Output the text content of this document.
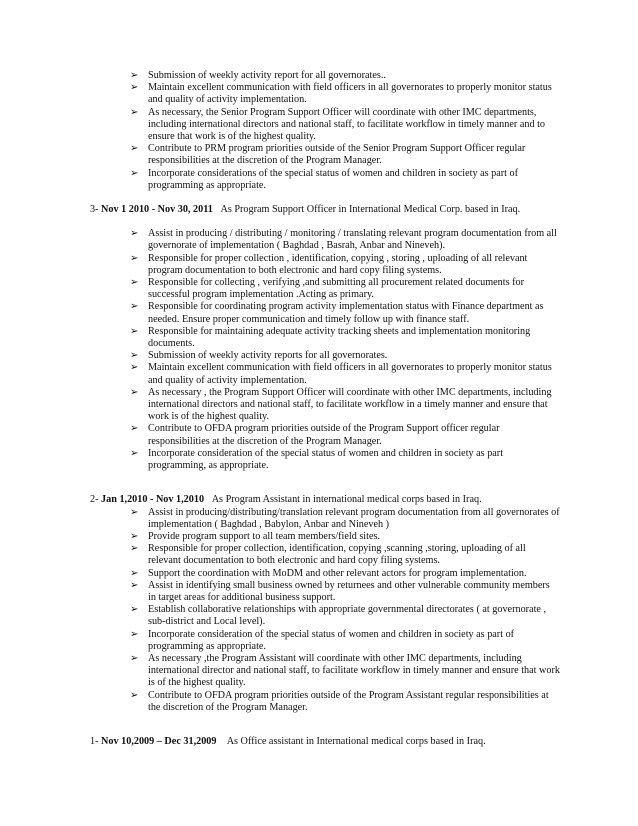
➢ Submission of weekly activity report for all governorates..
➢ Maintain excellent communication with field officers in all governorates to properly monitor status and quality of activity implementation.
➢ As necessary, the Senior Program Support Officer will coordinate with other IMC departments, including international directors and national staff, to facilitate workflow in timely manner and to ensure that work is of the highest quality.
➢ Contribute to PRM program priorities outside of the Senior Program Support Officer regular responsibilities at the discretion of the Program Manager.
➢ Incorporate considerations of the special status of women and children in society as part of programming as appropriate.

3- Nov 1 2010 - Nov 30, 2011 As Program Support Officer in International Medical Corp. based in Iraq.

➢ Assist in producing / distributing / monitoring / translating relevant program documentation from all governorate of implementation ( Baghdad , Basrah, Anbar and Nineveh).
➢ Responsible for proper collection , identification, copying , storing , uploading of all relevant program documentation to both electronic and hard copy filing systems.
➢ Responsible for collecting , verifying ,and submitting all procurement related documents for successful program implementation .Acting as primary.
➢ Responsible for coordinating program activity implementation status with Finance department as needed. Ensure proper communication and timely follow up with finance staff.
➢ Responsible for maintaining adequate activity tracking sheets and implementation monitoring documents.
➢ Submission of weekly activity reports for all governorates.
➢ Maintain excellent communication with field officers in all governorates to properly monitor status and quality of activity implementation.
➢ As necessary , the Program Support Officer will coordinate with other IMC departments, including international directors and national staff, to facilitate workflow in a timely manner and ensure that work is of the highest quality.
➢ Contribute to OFDA program priorities outside of the Program Support officer regular responsibilities at the discretion of the Program Manager.
➢ Incorporate consideration of the special status of women and children in society as part programming, as appropriate.

2- Jan 1,2010 - Nov 1,2010 As Program Assistant in international medical corps based in Iraq.

➢ Assist in producing/distributing/translation relevant program documentation from all governorates of implementation ( Baghdad , Babylon, Anbar and Nineveh )
➢ Provide program support to all team members/field sites.
➢ Responsible for proper collection, identification, copying ,scanning ,storing, uploading of all relevant documentation to both electronic and hard copy filing systems.
➢ Support the coordination with MoDM and other relevant actors for program implementation.
➢ Assist in identifying small business owned by returnees and other vulnerable community members in target areas for additional business support.
➢ Establish collaborative relationships with appropriate governmental directorates ( at governorate , sub-district and Local level).
➢ Incorporate consideration of the special status of women and children in society as part of programming as appropriate.
➢ As necessary ,the Program Assistant will coordinate with other IMC departments, including international director and national staff, to facilitate workflow in timely manner and ensure that work is of the highest quality.
➢ Contribute to OFDA program priorities outside of the Program Assistant regular responsibilities at the discretion of the Program Manager.

1- Nov 10,2009 – Dec 31,2009 As Office assistant in International medical corps based in Iraq.
